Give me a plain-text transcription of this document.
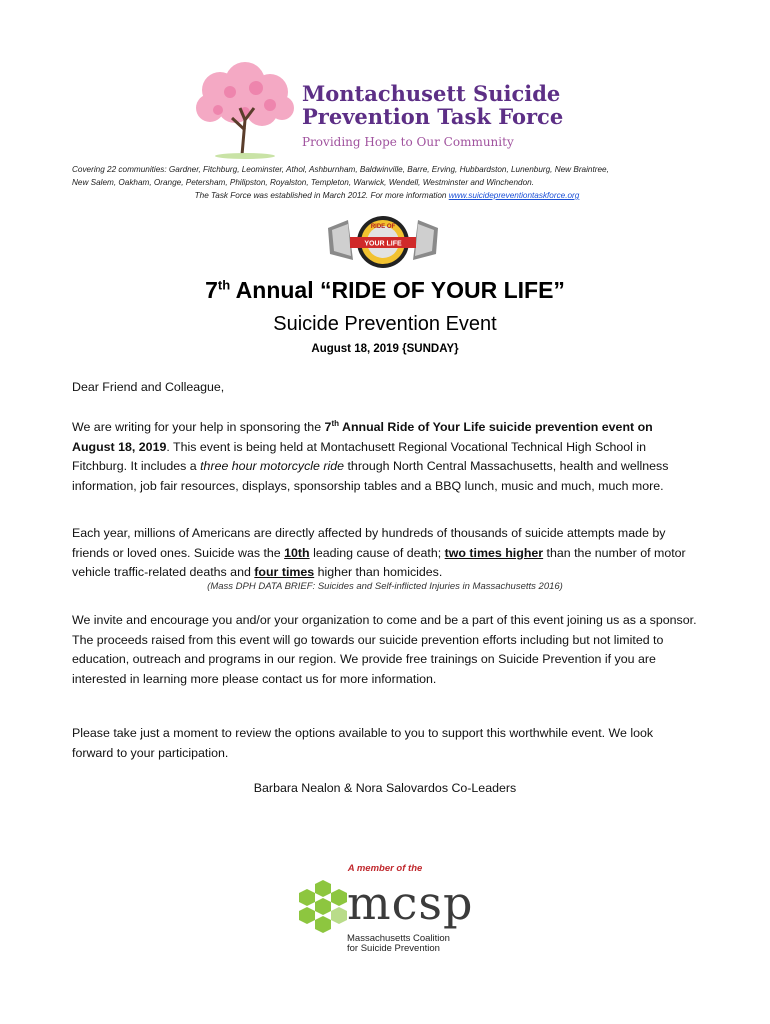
Montachusett Suicide
Prevention Task Force
Providing Hope to Our Community
Covering 22 communities: Gardner, Fitchburg, Leominster, Athol, Ashburnham, Baldwinville, Barre, Erving, Hubbardston, Lunenburg, New Braintree,
New Salem, Oakham, Orange, Petersham, Philipston, Royalston, Templeton, Warwick, Wendell, Westminster and Winchendon.
The Task Force was established in March 2012. For more information www.suicidepreventiontaskforce.org
RIDE OF
YOUR LIFE
7th Annual “RIDE OF YOUR LIFE”
Suicide Prevention Event
August 18, 2019 {SUNDAY}
Dear Friend and Colleague,
We are writing for your help in sponsoring the 7th Annual Ride of Your Life suicide prevention event on August 18, 2019. This event is being held at Montachusett Regional Vocational Technical High School in Fitchburg. It includes a three hour motorcycle ride through North Central Massachusetts, health and wellness information, job fair resources, displays, sponsorship tables and a BBQ lunch, music and much, much more.
Each year, millions of Americans are directly affected by hundreds of thousands of suicide attempts made by friends or loved ones. Suicide was the 10th leading cause of death; two times higher than the number of motor vehicle traffic-related deaths and four times higher than homicides.
(Mass DPH DATA BRIEF: Suicides and Self-inflicted Injuries in Massachusetts 2016)
We invite and encourage you and/or your organization to come and be a part of this event joining us as a sponsor. The proceeds raised from this event will go towards our suicide prevention efforts including but not limited to education, outreach and programs in our region. We provide free trainings on Suicide Prevention if you are interested in learning more please contact us for more information.
Please take just a moment to review the options available to you to support this worthwhile event. We look forward to your participation.
Barbara Nealon & Nora Salovardos Co-Leaders
A member of the
mcsp
Massachusetts Coalition
for Suicide Prevention
